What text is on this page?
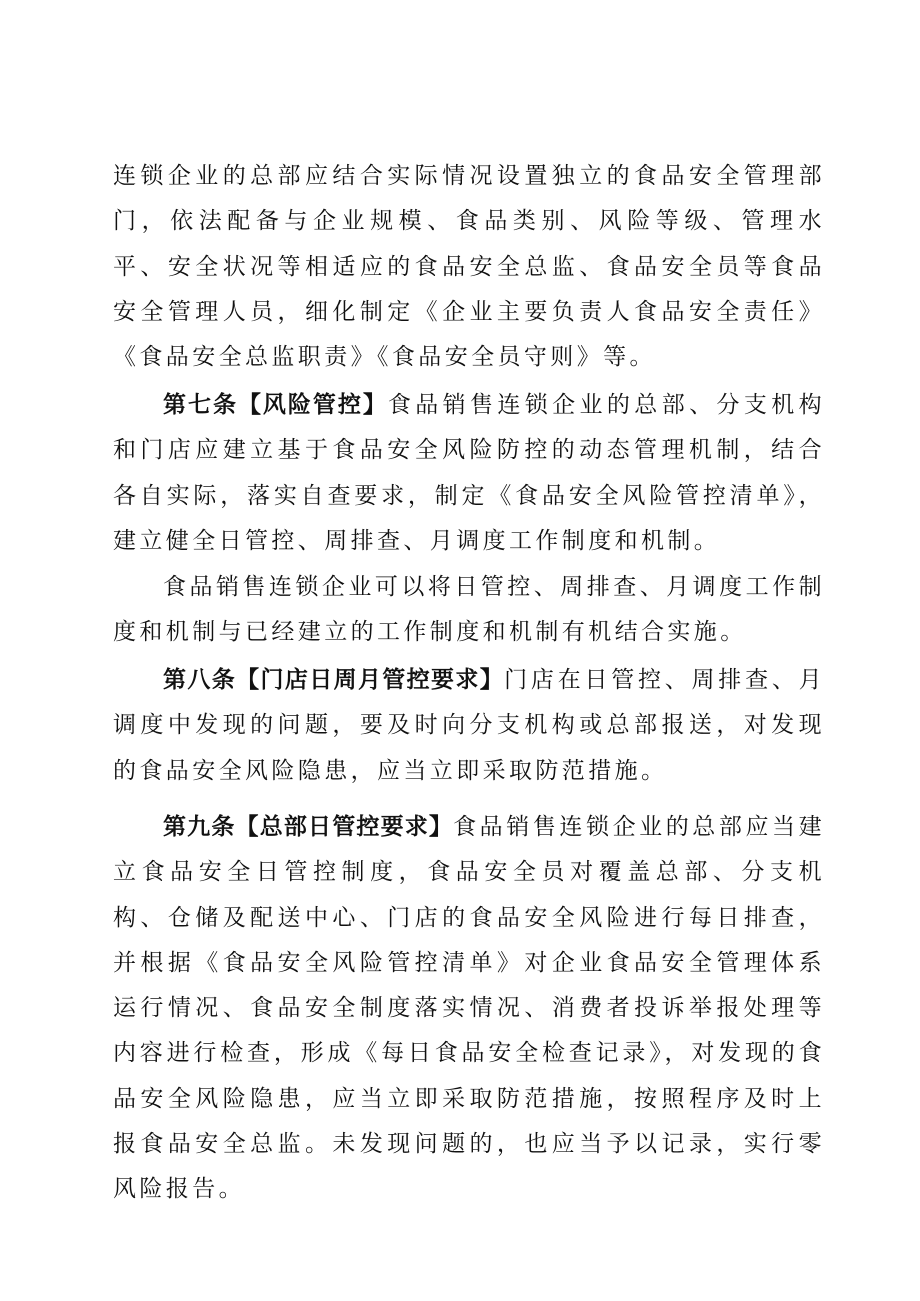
连锁企业的总部应结合实际情况设置独立的食品安全管理部门，依法配备与企业规模、食品类别、风险等级、管理水平、安全状况等相适应的食品安全总监、食品安全员等食品安全管理人员，细化制定《企业主要负责人食品安全责任》《食品安全总监职责》《食品安全员守则》等。

第七条【风险管控】食品销售连锁企业的总部、分支机构和门店应建立基于食品安全风险防控的动态管理机制，结合各自实际，落实自查要求，制定《食品安全风险管控清单》，建立健全日管控、周排查、月调度工作制度和机制。

食品销售连锁企业可以将日管控、周排查、月调度工作制度和机制与已经建立的工作制度和机制有机结合实施。

第八条【门店日周月管控要求】门店在日管控、周排查、月调度中发现的问题，要及时向分支机构或总部报送，对发现的食品安全风险隐患，应当立即采取防范措施。

第九条【总部日管控要求】食品销售连锁企业的总部应当建立食品安全日管控制度，食品安全员对覆盖总部、分支机构、仓储及配送中心、门店的食品安全风险进行每日排查，并根据《食品安全风险管控清单》对企业食品安全管理体系运行情况、食品安全制度落实情况、消费者投诉举报处理等内容进行检查，形成《每日食品安全检查记录》，对发现的食品安全风险隐患，应当立即采取防范措施，按照程序及时上报食品安全总监。未发现问题的，也应当予以记录，实行零风险报告。
